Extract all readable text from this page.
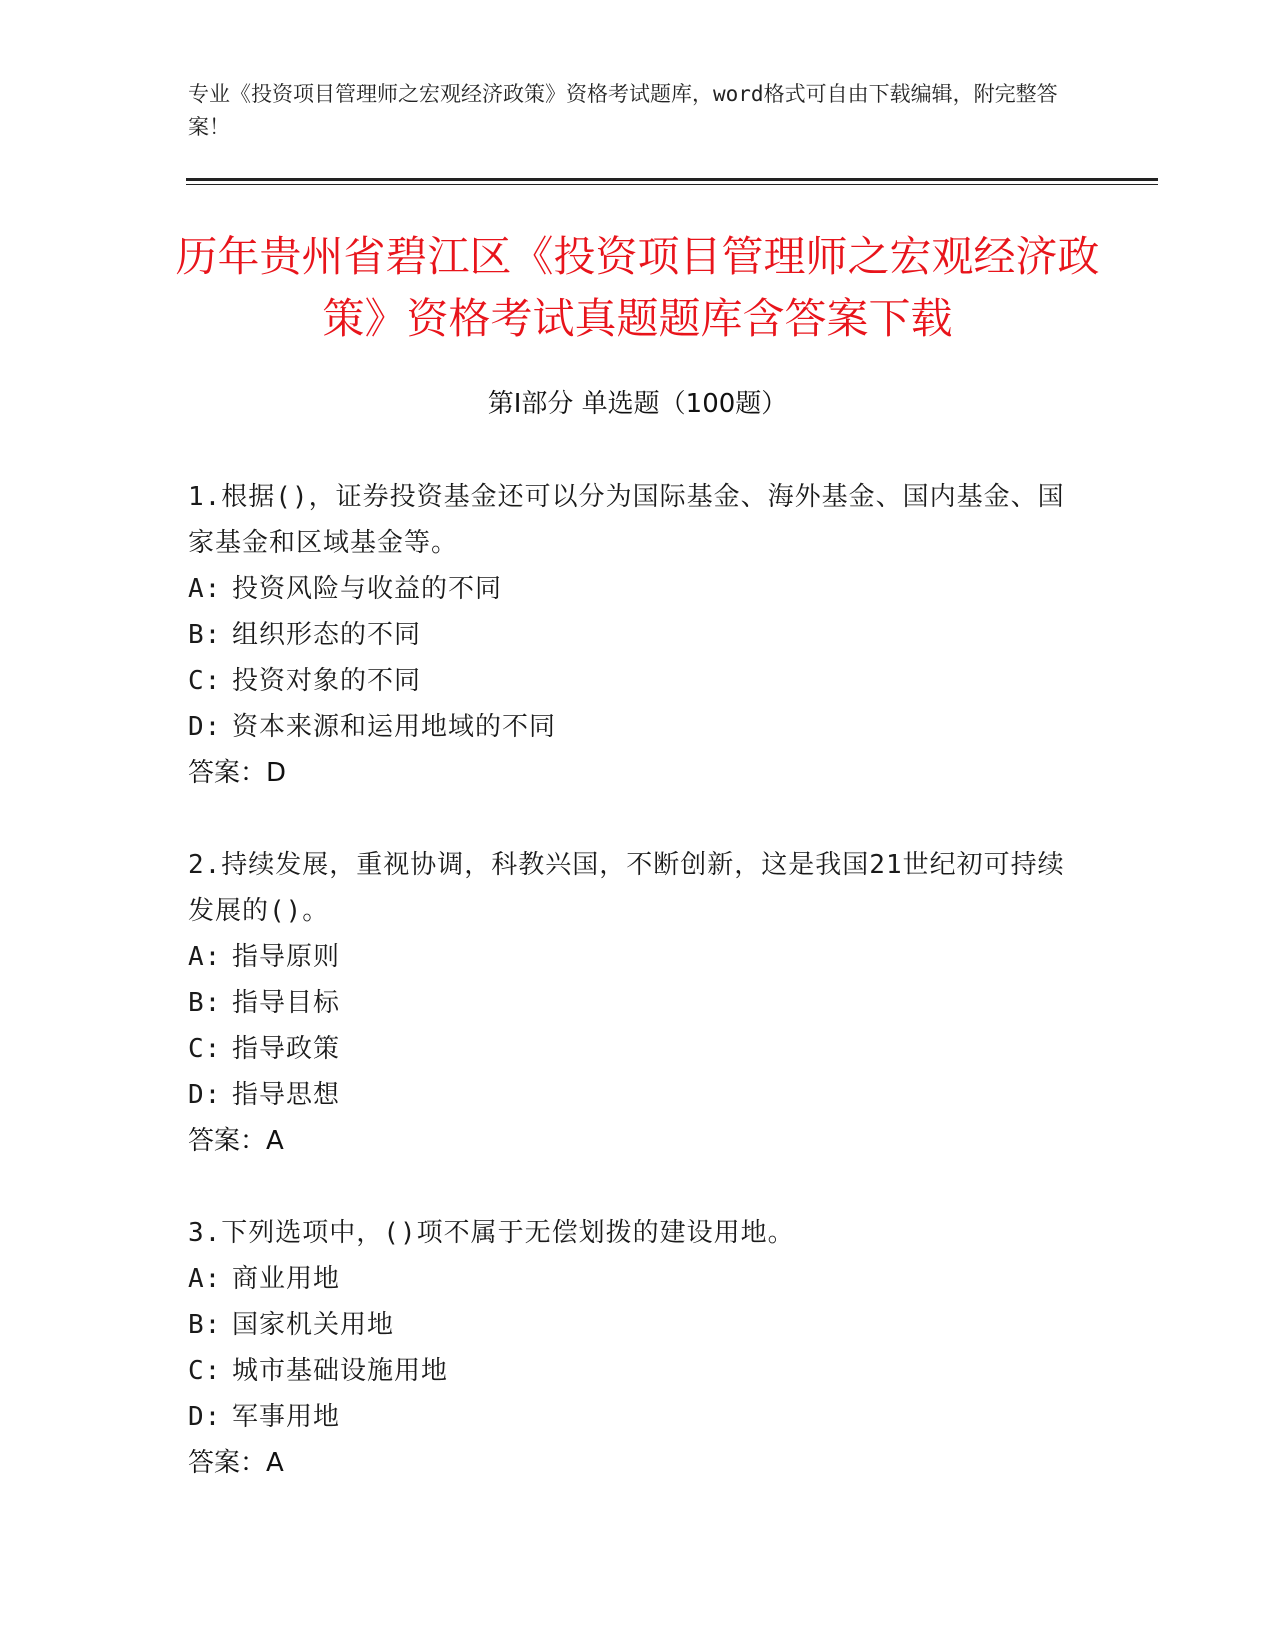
专业《投资项目管理师之宏观经济政策》资格考试题库，word格式可自由下载编辑，附完整答案！
历年贵州省碧江区《投资项目管理师之宏观经济政策》资格考试真题题库含答案下载
第Ⅰ部分 单选题（100题）
1.根据()，证券投资基金还可以分为国际基金、海外基金、国内基金、国家基金和区域基金等。
A: 投资风险与收益的不同
B: 组织形态的不同
C: 投资对象的不同
D: 资本来源和运用地域的不同
答案：D
2.持续发展，重视协调，科教兴国，不断创新，这是我国21世纪初可持续发展的()。
A: 指导原则
B: 指导目标
C: 指导政策
D: 指导思想
答案：A
3.下列选项中，()项不属于无偿划拨的建设用地。
A: 商业用地
B: 国家机关用地
C: 城市基础设施用地
D: 军事用地
答案：A
